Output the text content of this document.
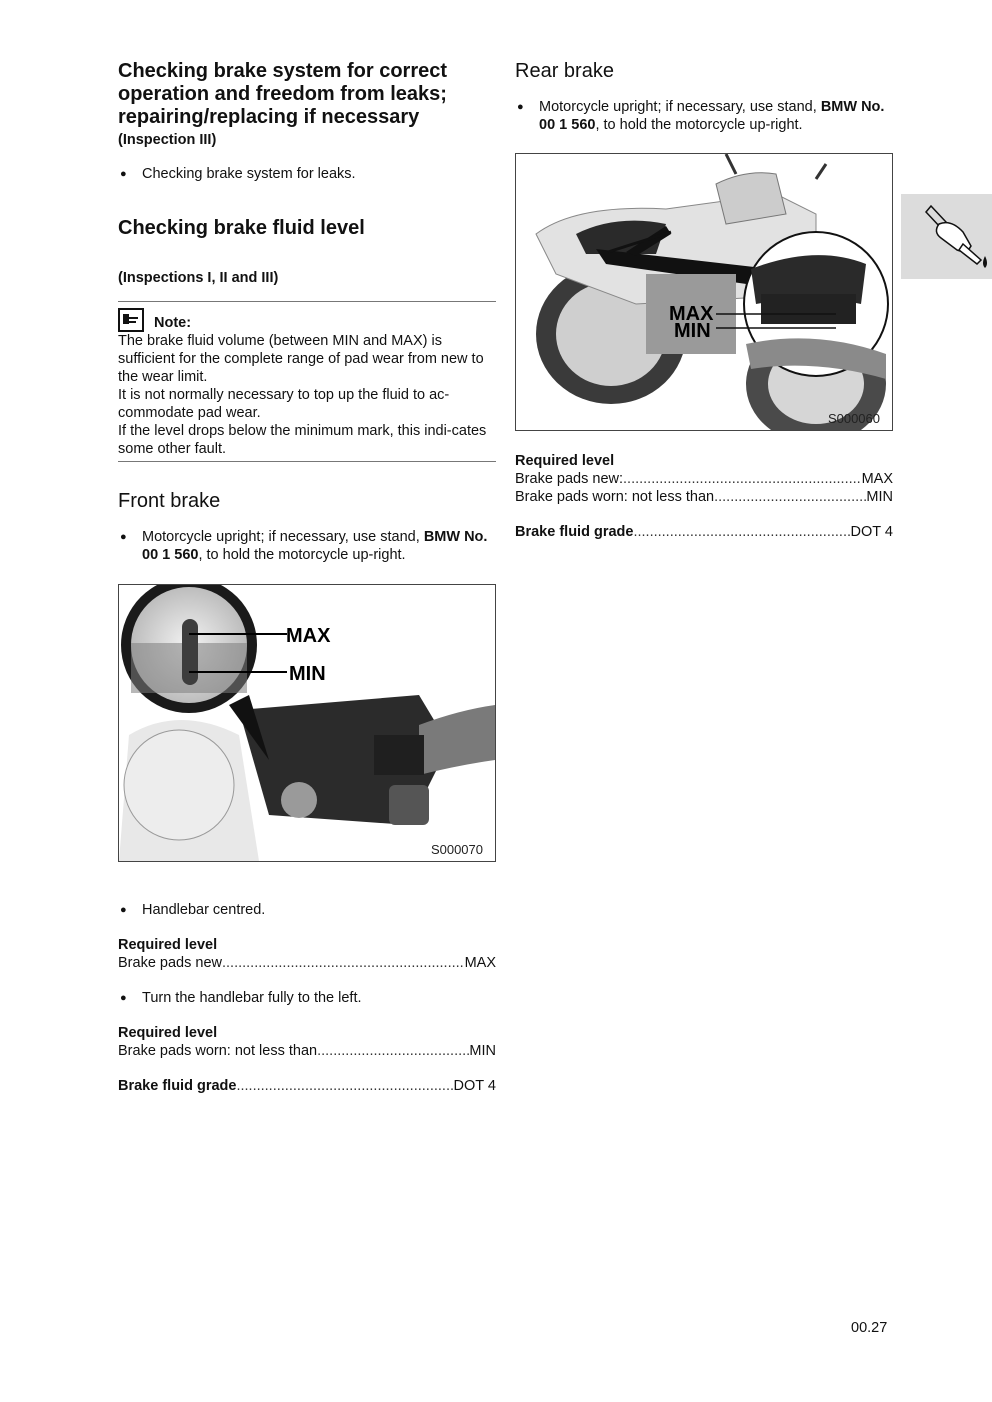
Checking brake system for correct operation and freedom from leaks; repairing/replacing if necessary

(Inspection III)

● Checking brake system for leaks.
Checking brake fluid level

(Inspections I, II and III)

Note:

The brake fluid volume (between MIN and MAX) is sufficient for the complete range of pad wear from new to the wear limit.

It is not normally necessary to top up the fluid to ac-commodate pad wear.

If the level drops below the minimum mark, this indi-cates some other fault.

Front brake
● Motorcycle upright; if necessary, use stand, BMW No. 00 1 560, to hold the motorcycle up-right.
MAX
MIN
S000070
● Handlebar centred.

Required level

Brake pads new .....	MAX
● Turn the handlebar fully to the left.

Required level

Brake pads worn: not less than .....	MIN
Brake fluid grade .....	DOT 4
Rear brake
● Motorcycle upright; if necessary, use stand, BMW No. 00 1 560, to hold the motorcycle up-right.
MAX
MIN
S000060

Required level

Brake pads new: .....	MAX
Brake pads worn: not less than .....	MIN
Brake fluid grade .....	DOT 4
00.27
